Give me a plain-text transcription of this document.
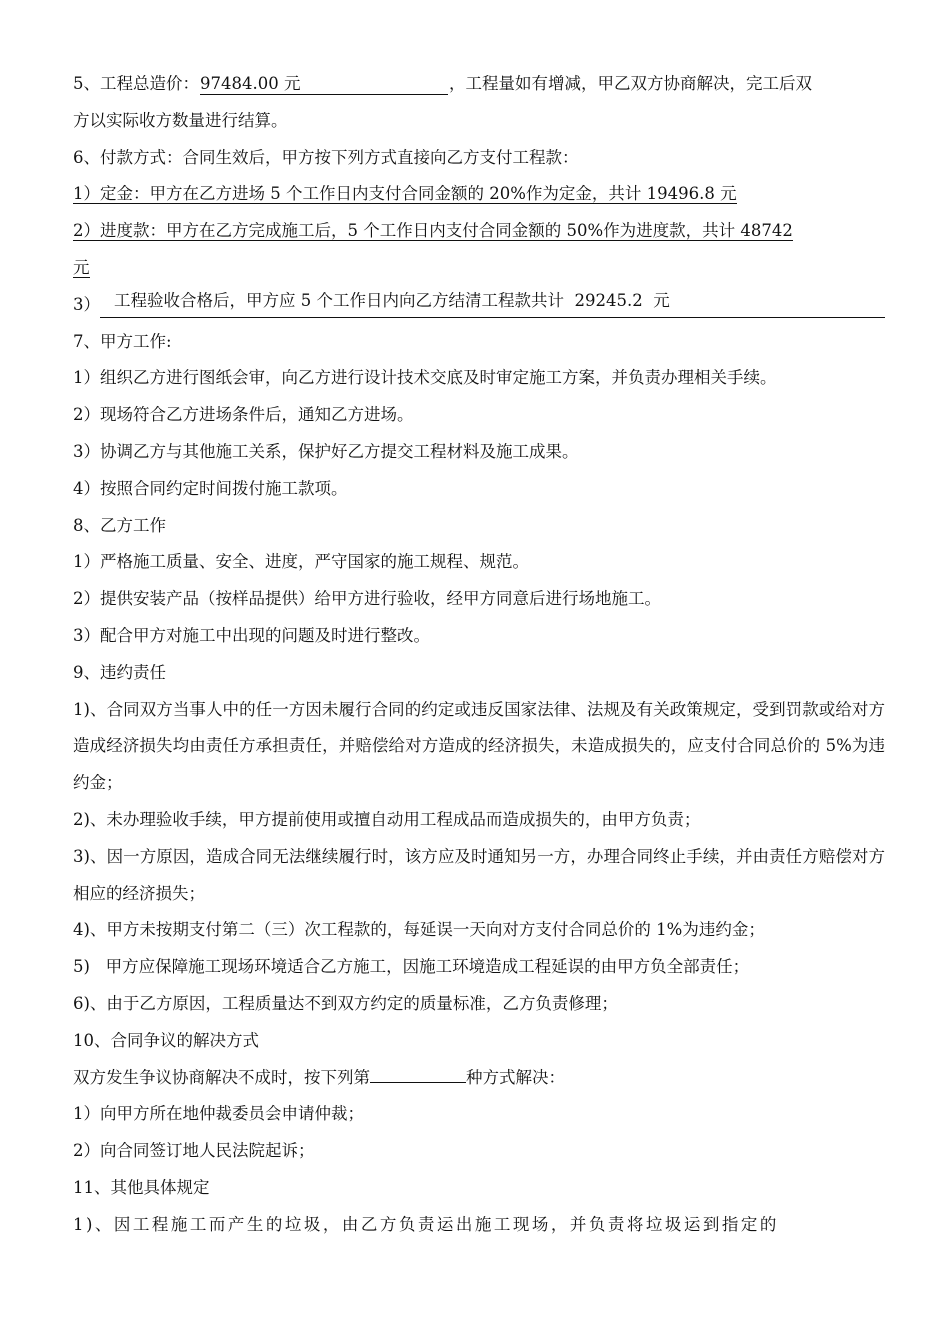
5、工程总造价：97484.00 元	，工程量如有增减，甲乙双方协商解决，完工后双

方以实际收方数量进行结算。

6、付款方式：合同生效后，甲方按下列方式直接向乙方支付工程款：

1）定金：甲方在乙方进场 5 个工作日内支付合同金额的 20%作为定金，共计 19496.8 元

2）进度款：甲方在乙方完成施工后，5 个工作日内支付合同金额的 50%作为进度款，共计 48742
元

3） 工程验收合格后，甲方应 5 个工作日内向乙方结清工程款共计  29245.2  元

7、甲方工作:

1）组织乙方进行图纸会审，向乙方进行设计技术交底及时审定施工方案，并负责办理相关手续。

2）现场符合乙方进场条件后，通知乙方进场。

3）协调乙方与其他施工关系，保护好乙方提交工程材料及施工成果。

4）按照合同约定时间拨付施工款项。

8、乙方工作

1）严格施工质量、安全、进度，严守国家的施工规程、规范。

2）提供安装产品（按样品提供）给甲方进行验收，经甲方同意后进行场地施工。

3）配合甲方对施工中出现的问题及时进行整改。

9、违约责任

1)、合同双方当事人中的任一方因未履行合同的约定或违反国家法律、法规及有关政策规定，受到罚款或给对方造成经济损失均由责任方承担责任，并赔偿给对方造成的经济损失，未造成损失的，应支付合同总价的 5%为违约金；

2)、未办理验收手续，甲方提前使用或擅自动用工程成品而造成损失的，由甲方负责；

3)、因一方原因，造成合同无法继续履行时，该方应及时通知另一方，办理合同终止手续，并由责任方赔偿对方相应的经济损失；

4)、甲方未按期支付第二（三）次工程款的，每延误一天向对方支付合同总价的 1%为违约金；

5)   甲方应保障施工现场环境适合乙方施工，因施工环境造成工程延误的由甲方负全部责任；

6)、由于乙方原因，工程质量达不到双方约定的质量标准，乙方负责修理；

10、合同争议的解决方式

双方发生争议协商解决不成时，按下列第	种方式解决：

1）向甲方所在地仲裁委员会申请仲裁；

2）向合同签订地人民法院起诉；

11、其他具体规定

1)、因工程施工而产生的垃圾，由乙方负责运出施工现场，并负责将垃圾运到指定的
